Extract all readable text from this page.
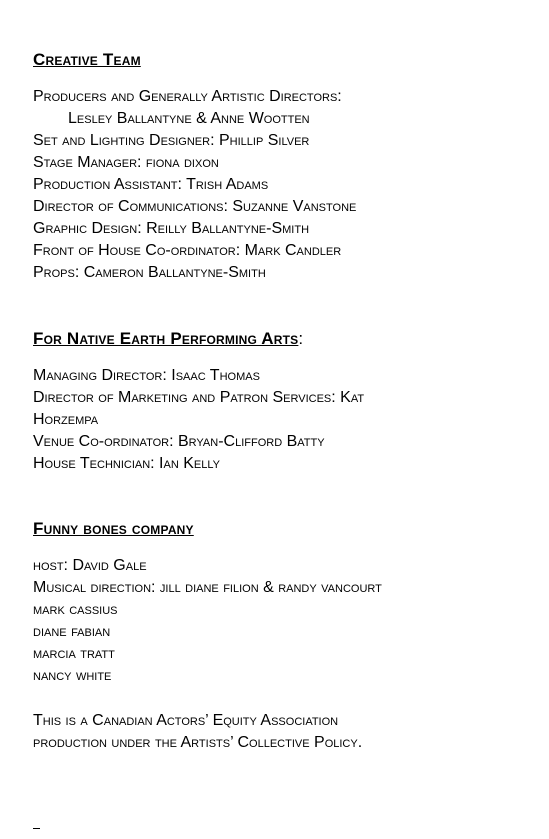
Creative Team
Producers and Generally Artistic Directors:
Lesley Ballantyne & Anne Wootten
Set and Lighting Designer: Phillip Silver
Stage Manager: fiona dixon
Production Assistant: Trish Adams
Director of Communications: Suzanne Vanstone
Graphic Design: Reilly Ballantyne-Smith
Front of House Co-ordinator: Mark Candler
Props: Cameron Ballantyne-Smith
For Native Earth Performing Arts:
Managing Director: Isaac Thomas
Director of Marketing and Patron Services: Kat
Horzempa
Venue Co-ordinator: Bryan-Clifford Batty
House Technician: Ian Kelly
Funny bones company
host: David Gale
Musical direction: jill diane filion & randy vancourt
mark cassius
diane fabian
marcia tratt
nancy white
This is a Canadian Actors’ Equity Association
production under the Artists’ Collective Policy.
